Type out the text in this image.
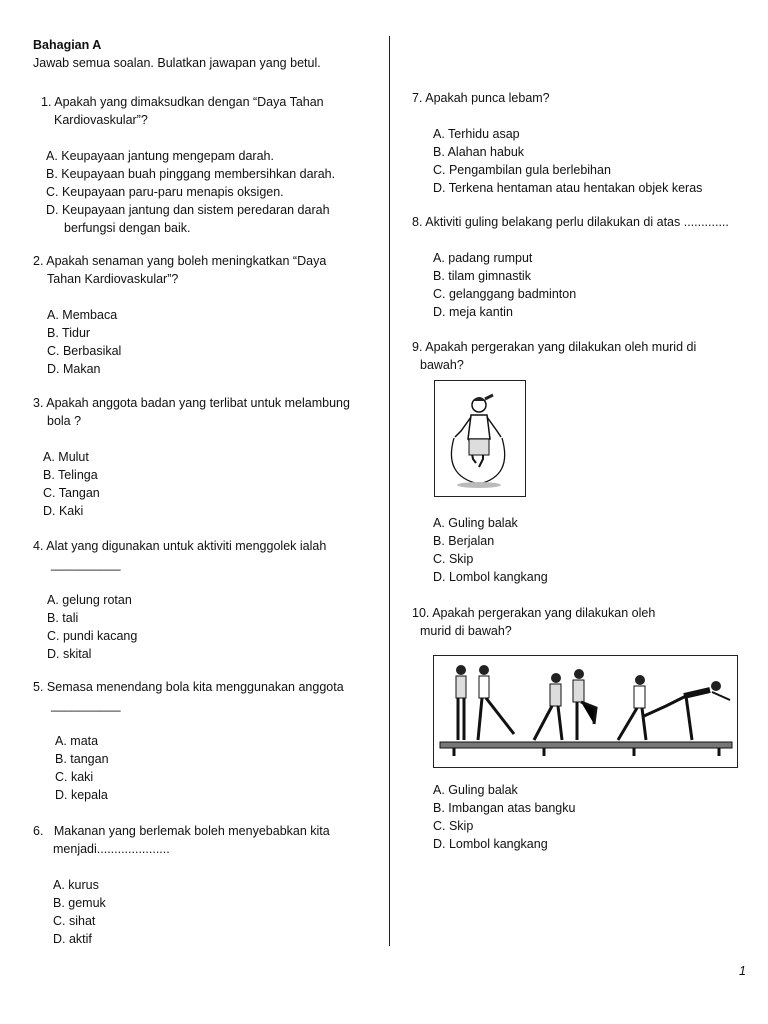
Bahagian A
Jawab semua soalan. Bulatkan jawapan yang betul.
1. Apakah yang dimaksudkan dengan “Daya Tahan
Kardiovaskular”?
A. Keupayaan jantung mengepam darah.
B. Keupayaan buah pinggang membersihkan darah.
C. Keupayaan paru-paru menapis oksigen.
D. Keupayaan jantung dan sistem peredaran darah
berfungsi dengan baik.
2. Apakah senaman yang boleh meningkatkan “Daya
Tahan Kardiovaskular”?
A. Membaca
B. Tidur
C. Berbasikal
D. Makan
3. Apakah anggota badan yang terlibat untuk melambung
bola ?
A. Mulut
B. Telinga
C. Tangan
D. Kaki
4. Alat yang digunakan untuk aktiviti menggolek ialah
__________
A. gelung rotan
B. tali
C. pundi kacang
D. skital
5. Semasa menendang bola kita menggunakan anggota
__________
A. mata
B. tangan
C. kaki
D. kepala
6. Makanan yang berlemak boleh menyebabkan kita
menjadi.....................
A. kurus
B. gemuk
C. sihat
D. aktif
7. Apakah punca lebam?
A. Terhidu asap
B. Alahan habuk
C. Pengambilan gula berlebihan
D. Terkena hentaman atau hentakan objek keras
8. Aktiviti guling belakang perlu dilakukan di atas .............
A. padang rumput
B. tilam gimnastik
C. gelanggang badminton
D. meja kantin
9. Apakah pergerakan yang dilakukan oleh murid di
bawah?
A. Guling balak
B. Berjalan
C. Skip
D. Lombol kangkang
10. Apakah pergerakan yang dilakukan oleh
murid di bawah?
A. Guling balak
B. Imbangan atas bangku
C. Skip
D. Lombol kangkang
1
